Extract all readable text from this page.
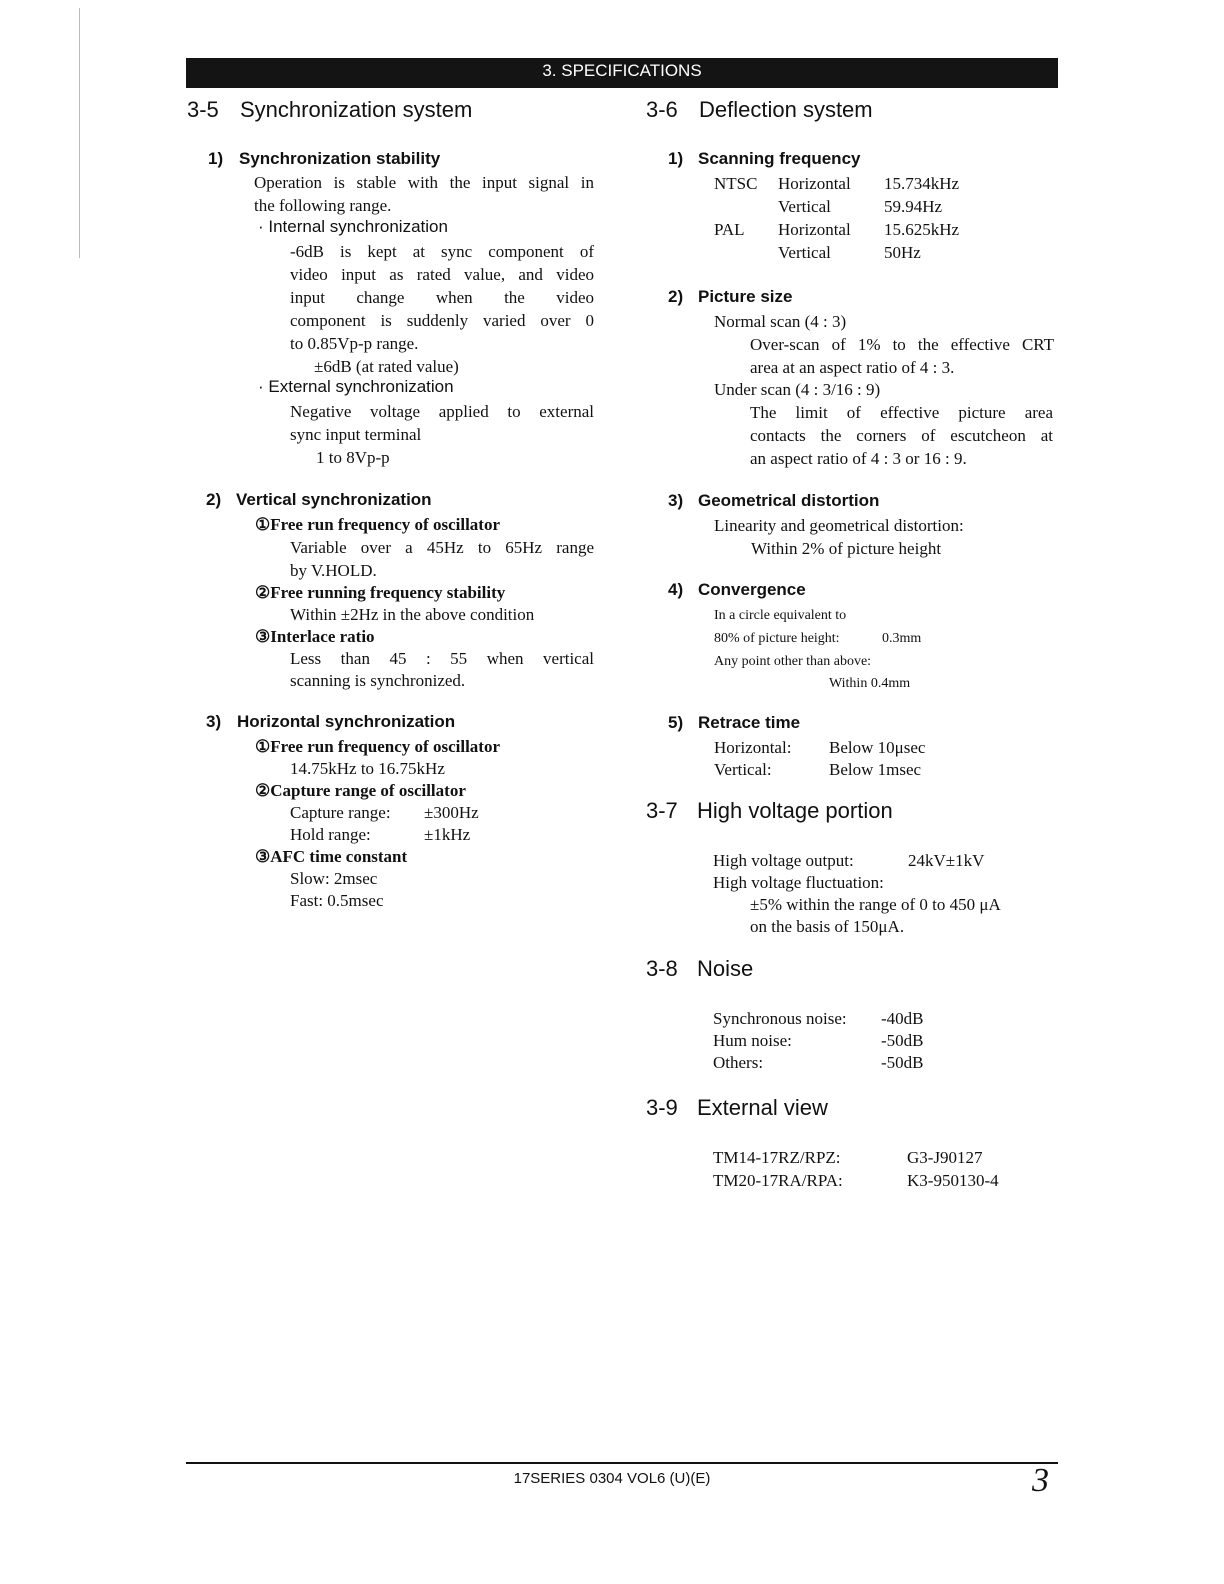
3. SPECIFICATIONS
3-5 Synchronization system
1) Synchronization stability
Operation is stable with the input signal in
the following range.
· Internal synchronization
-6dB is kept at sync component of
video input as rated value, and video
input change when the video
component is suddenly varied over 0
to 0.85Vp-p range.
±6dB (at rated value)
· External synchronization
Negative voltage applied to external
sync input terminal
1 to 8Vp-p
2) Vertical synchronization
①Free run frequency of oscillator
Variable over a 45Hz to 65Hz range
by V.HOLD.
②Free running frequency stability
Within ±2Hz in the above condition
③Interlace ratio
Less than 45 : 55 when vertical
scanning is synchronized.
3) Horizontal synchronization
①Free run frequency of oscillator
14.75kHz to 16.75kHz
②Capture range of oscillator
Capture range: ±300Hz
Hold range:	±1kHz
③AFC time constant
Slow: 2msec
Fast: 0.5msec
3-6 Deflection system
1) Scanning frequency
NTSC Horizontal 15.734kHz
Vertical	59.94Hz
PAL Horizontal 15.625kHz
Vertical	50Hz
2) Picture size
Normal scan (4 : 3)
Over-scan of 1% to the effective CRT
area at an aspect ratio of 4 : 3.
Under scan (4 : 3/16 : 9)
The limit of effective picture area
contacts the corners of escutcheon at
an aspect ratio of 4 : 3 or 16 : 9.
3) Geometrical distortion
Linearity and geometrical distortion:
Within 2% of picture height
4) Convergence
In a circle equivalent to
80% of picture height:	0.3mm
Any point other than above:
Within 0.4mm
5) Retrace time
Horizontal: Below 10μsec
Vertical:	Below 1msec
3-7 High voltage portion
High voltage output:	24kV±1kV
High voltage fluctuation:
±5% within the range of 0 to 450 μA
on the basis of 150μA.
3-8 Noise
Synchronous noise: -40dB
Hum noise:	-50dB
Others:	-50dB
3-9 External view
TM14-17RZ/RPZ:	G3-J90127
TM20-17RA/RPA:	K3-950130-4
17SERIES 0304 VOL6 (U)(E)	3
